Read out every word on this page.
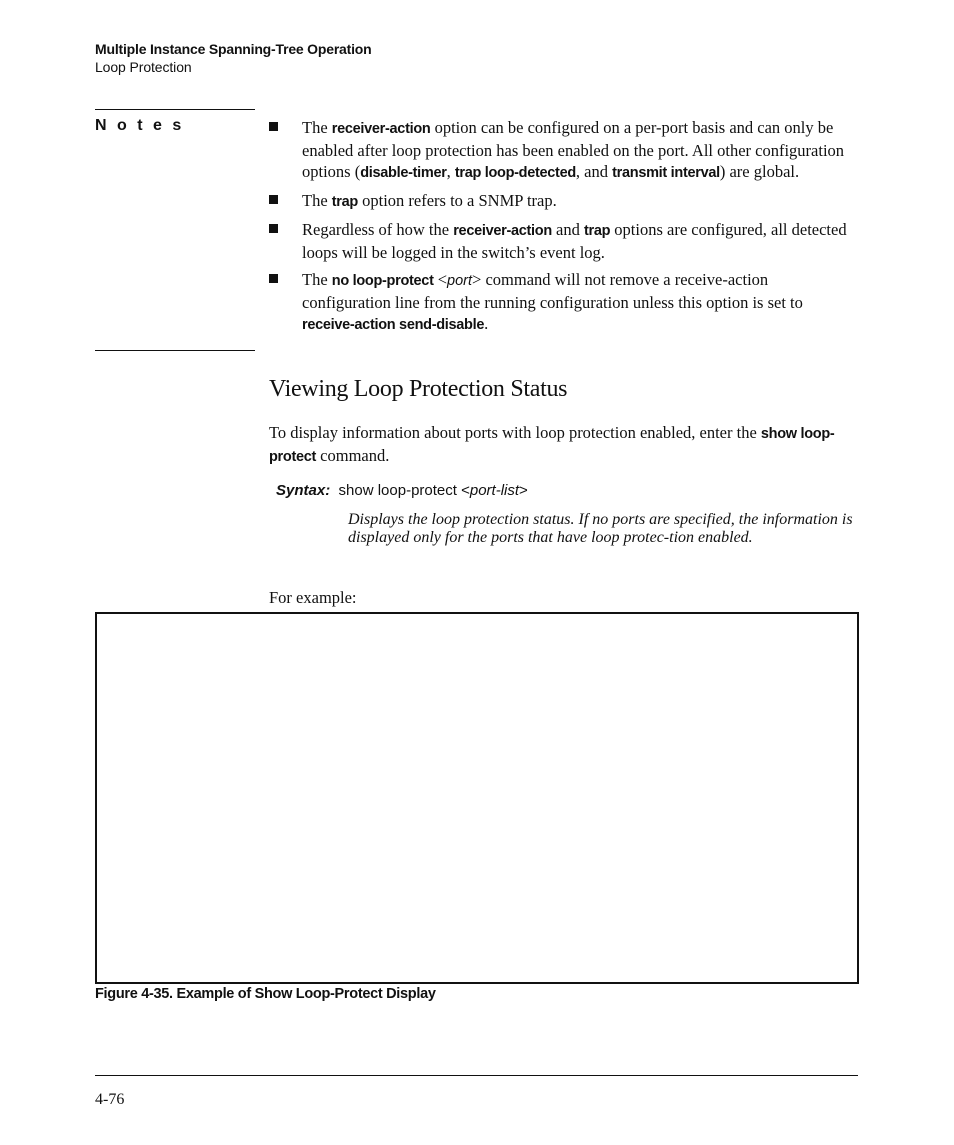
Multiple Instance Spanning-Tree Operation
Loop Protection
N o t e s	The receiver-action option can be configured on a per-port basis and can only be enabled after loop protection has been enabled on the port. All other configuration options (disable-timer, trap loop-detected, and transmit interval) are global.
The trap option refers to a SNMP trap.
Regardless of how the receiver-action and trap options are configured, all detected loops will be logged in the switch’s event log.
The no loop-protect <port> command will not remove a receive-action configuration line from the running configuration unless this option is set to receive-action send-disable.
Viewing Loop Protection Status
To display information about ports with loop protection enabled, enter the show loop-protect command.
Syntax: show loop-protect <port-list>
Displays the loop protection status. If no ports are specified, the information is displayed only for the ports that have loop protec-tion enabled.
For example:
Figure 4-35. Example of Show Loop-Protect Display
4-76
